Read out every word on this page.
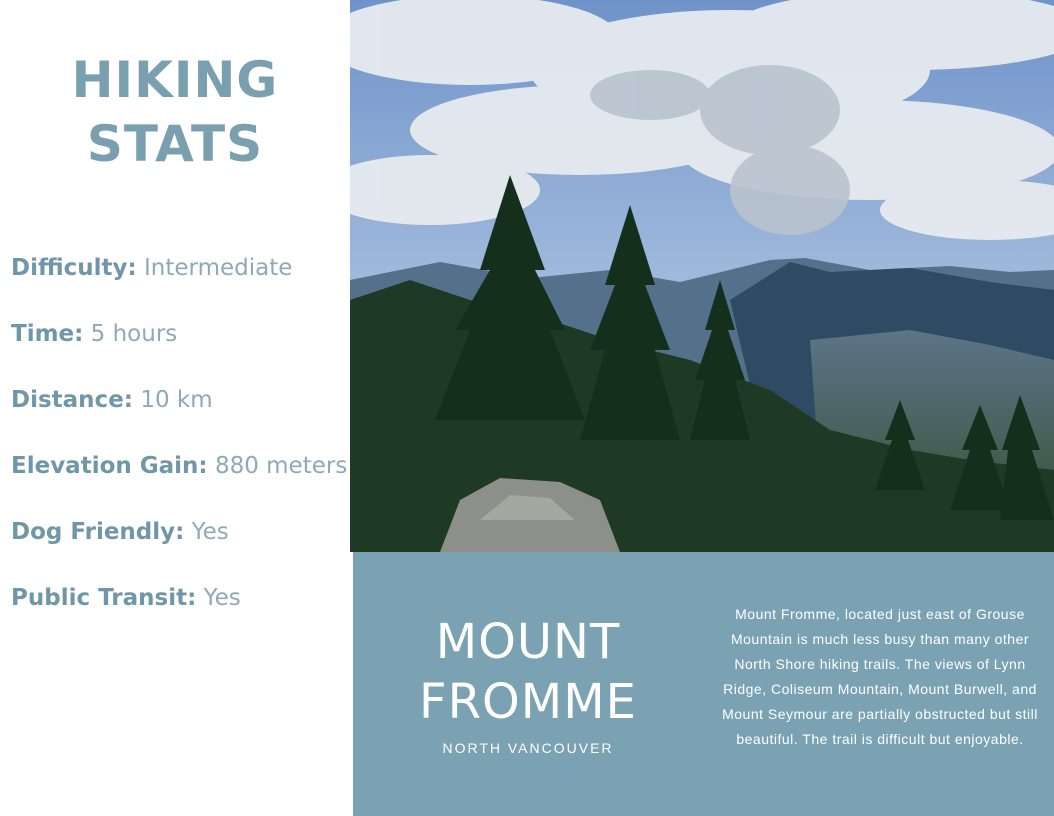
HIKING
STATS
Difficulty: Intermediate
Time: 5 hours
Distance: 10 km
Elevation Gain: 880 meters
Dog Friendly: Yes
Public Transit: Yes
MOUNT
FROMME
NORTH VANCOUVER
Mount Fromme, located just east of Grouse Mountain is much less busy than many other North Shore hiking trails. The views of Lynn Ridge, Coliseum Mountain, Mount Burwell, and Mount Seymour are partially obstructed but still beautiful. The trail is difficult but enjoyable.
